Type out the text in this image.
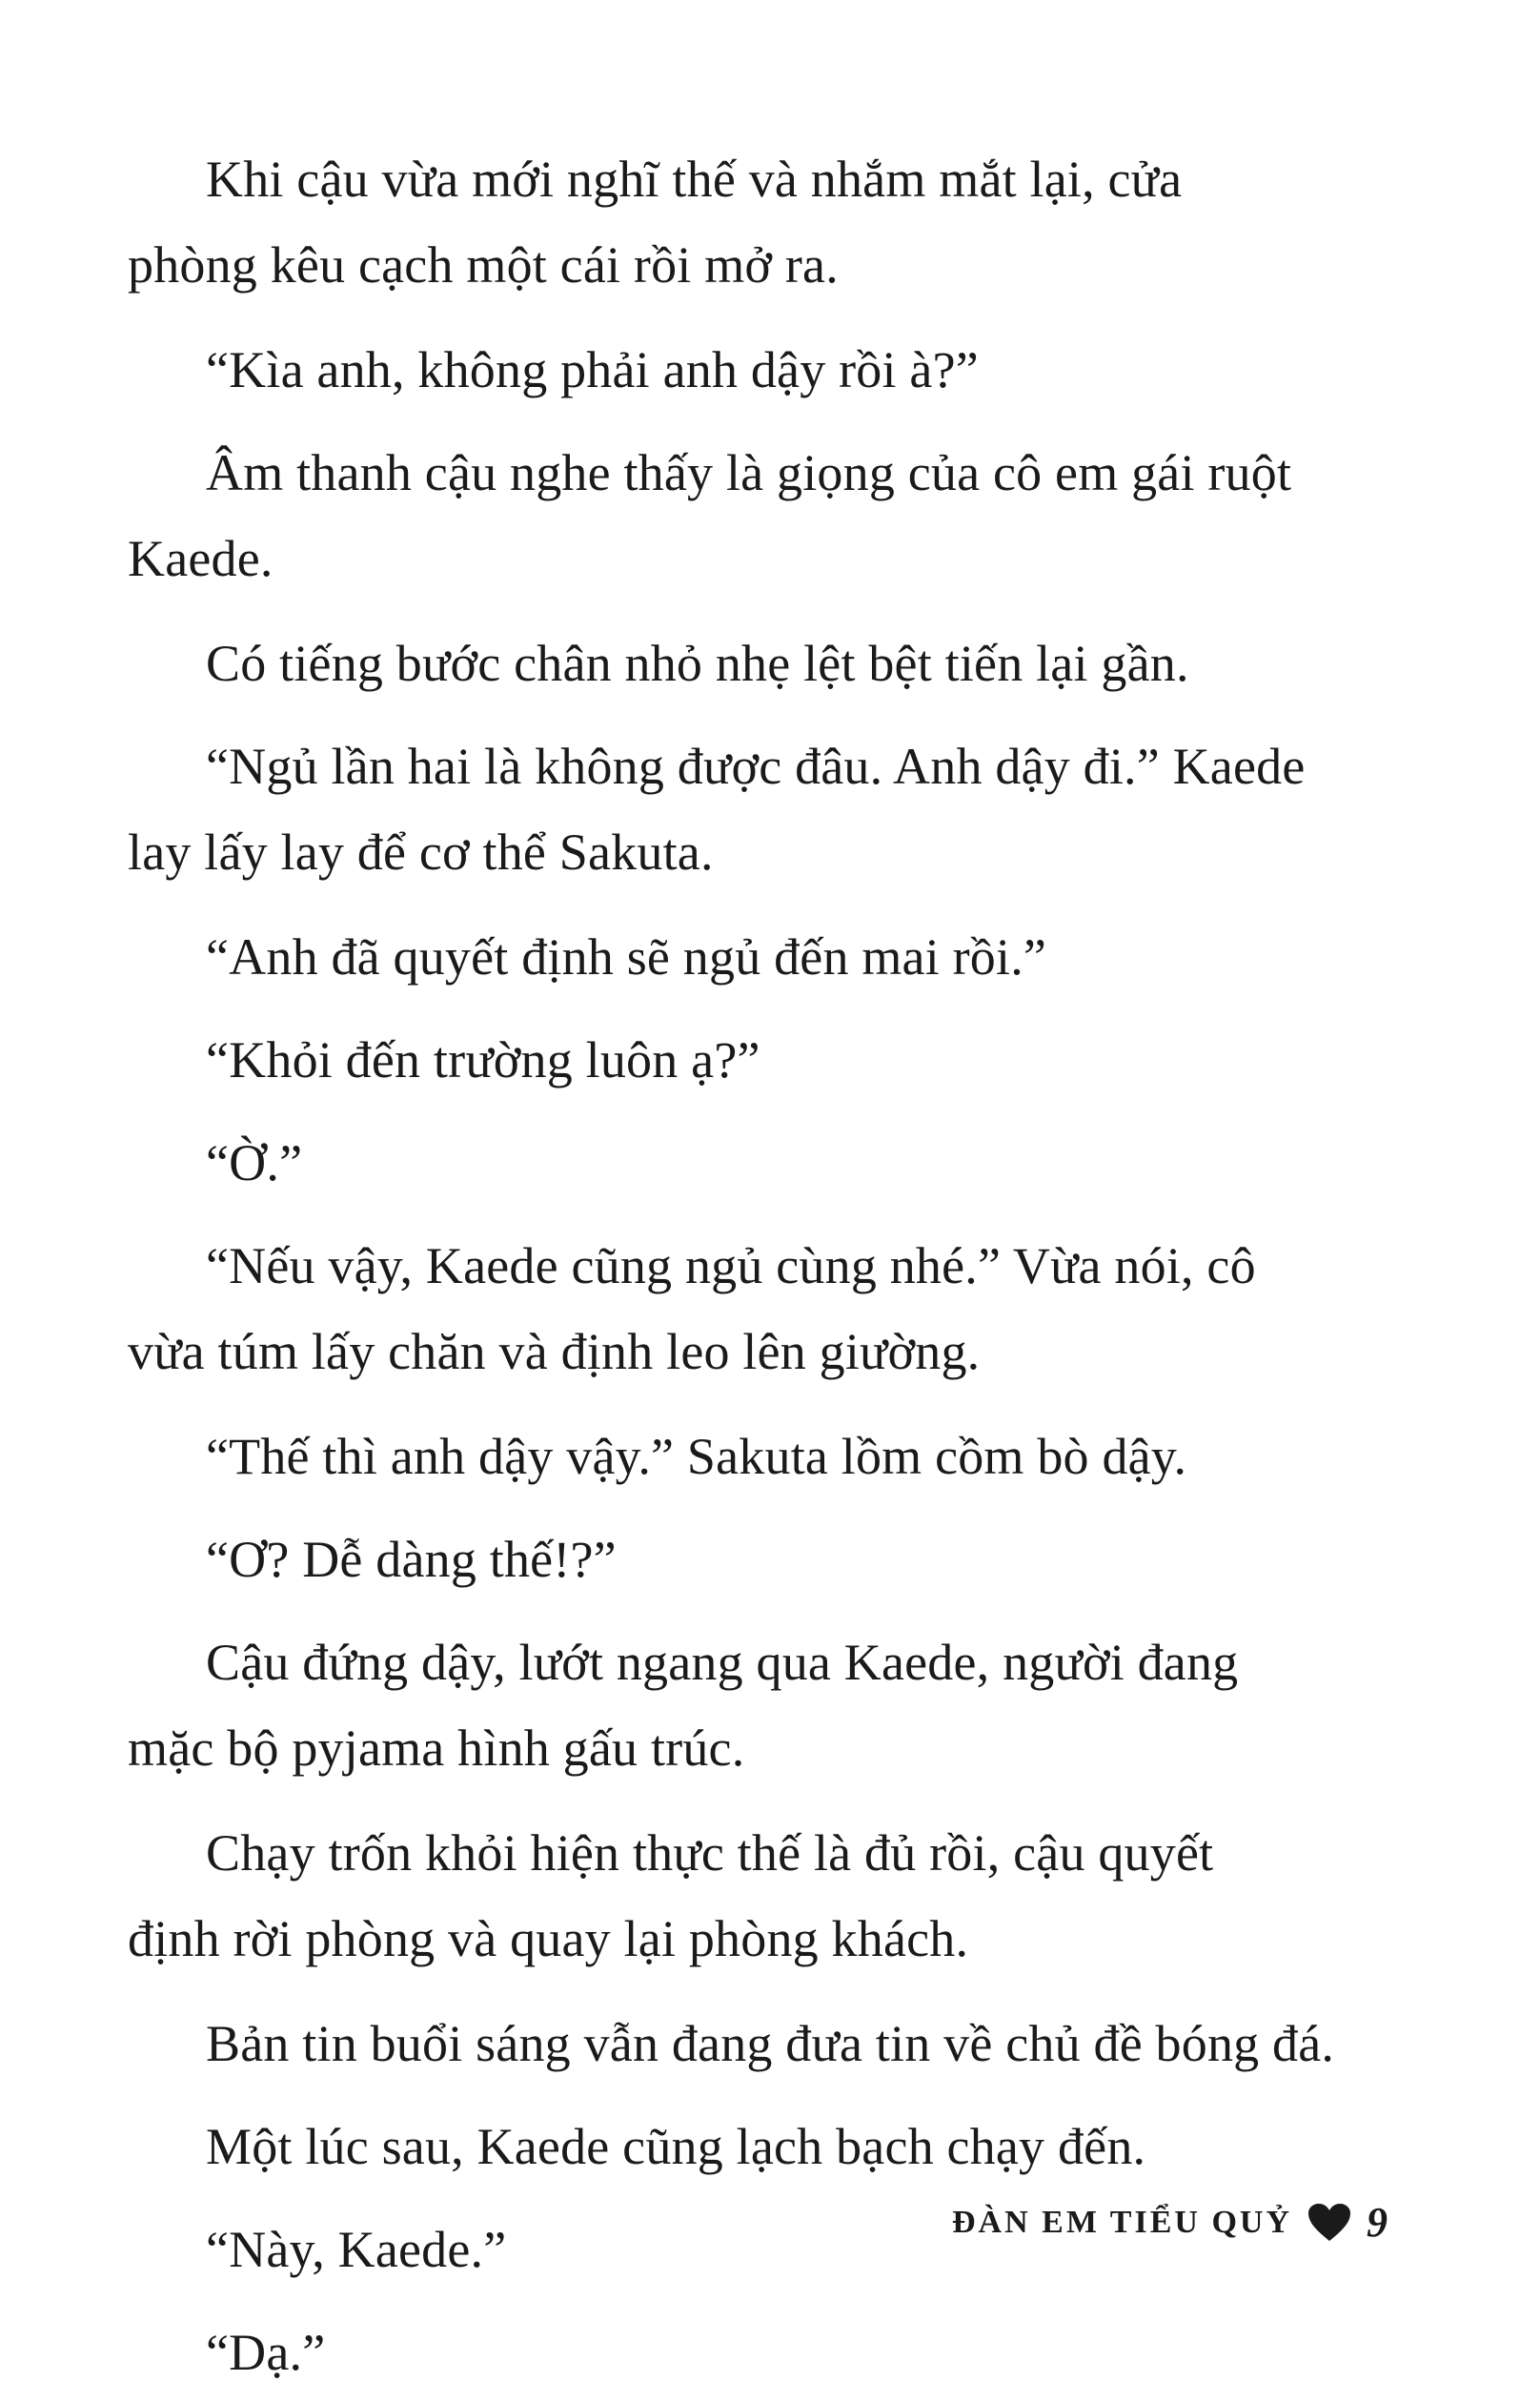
Khi cậu vừa mới nghĩ thế và nhắm mắt lại, cửa
phòng kêu cạch một cái rồi mở ra.
“Kìa anh, không phải anh dậy rồi à?”
Âm thanh cậu nghe thấy là giọng của cô em gái ruột
Kaede.
Có tiếng bước chân nhỏ nhẹ lệt bệt tiến lại gần.
“Ngủ lần hai là không được đâu. Anh dậy đi.” Kaede
lay lấy lay để cơ thể Sakuta.
“Anh đã quyết định sẽ ngủ đến mai rồi.”
“Khỏi đến trường luôn ạ?”
“Ờ.”
“Nếu vậy, Kaede cũng ngủ cùng nhé.” Vừa nói, cô
vừa túm lấy chăn và định leo lên giường.
“Thế thì anh dậy vậy.” Sakuta lồm cồm bò dậy.
“Ơ? Dễ dàng thế!?”
Cậu đứng dậy, lướt ngang qua Kaede, người đang
mặc bộ pyjama hình gấu trúc.
Chạy trốn khỏi hiện thực thế là đủ rồi, cậu quyết
định rời phòng và quay lại phòng khách.
Bản tin buổi sáng vẫn đang đưa tin về chủ đề bóng đá.
Một lúc sau, Kaede cũng lạch bạch chạy đến.
“Này, Kaede.”
“Dạ.”
ĐÀN EM TIỂU QUỶ 9
